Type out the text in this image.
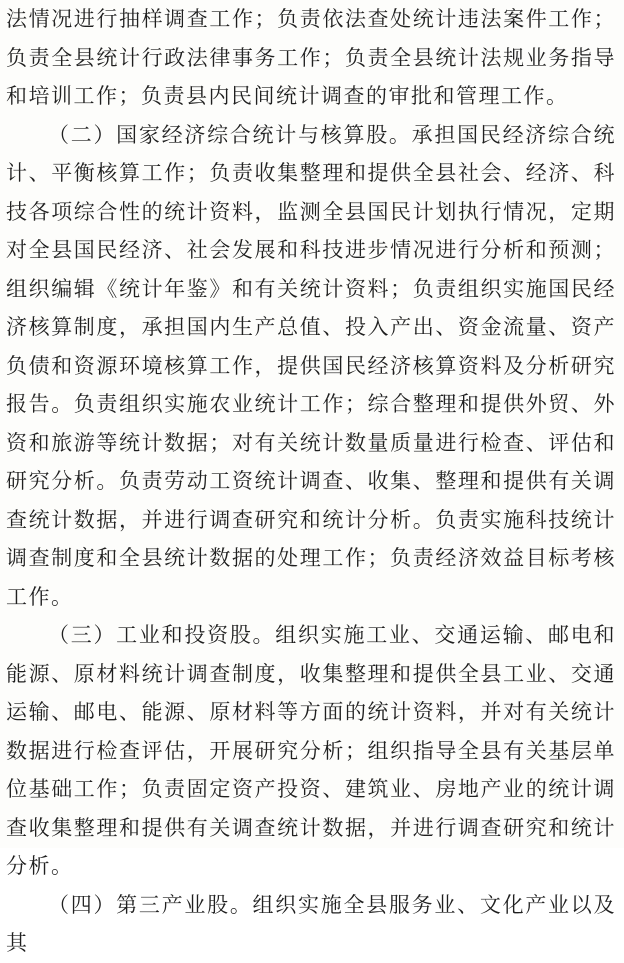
法情况进行抽样调查工作；负责依法查处统计违法案件工作；负责全县统计行政法律事务工作；负责全县统计法规业务指导和培训工作；负责县内民间统计调查的审批和管理工作。

（二）国家经济综合统计与核算股。承担国民经济综合统计、平衡核算工作；负责收集整理和提供全县社会、经济、科技各项综合性的统计资料，监测全县国民计划执行情况，定期对全县国民经济、社会发展和科技进步情况进行分析和预测；组织编辑《统计年鉴》和有关统计资料；负责组织实施国民经济核算制度，承担国内生产总值、投入产出、资金流量、资产负债和资源环境核算工作，提供国民经济核算资料及分析研究报告。负责组织实施农业统计工作；综合整理和提供外贸、外资和旅游等统计数据；对有关统计数量质量进行检查、评估和研究分析。负责劳动工资统计调查、收集、整理和提供有关调查统计数据，并进行调查研究和统计分析。负责实施科技统计调查制度和全县统计数据的处理工作；负责经济效益目标考核工作。

（三）工业和投资股。组织实施工业、交通运输、邮电和能源、原材料统计调查制度，收集整理和提供全县工业、交通运输、邮电、能源、原材料等方面的统计资料，并对有关统计数据进行检查评估，开展研究分析；组织指导全县有关基层单位基础工作；负责固定资产投资、建筑业、房地产业的统计调查收集整理和提供有关调查统计数据，并进行调查研究和统计分析。

（四）第三产业股。组织实施全县服务业、文化产业以及其
